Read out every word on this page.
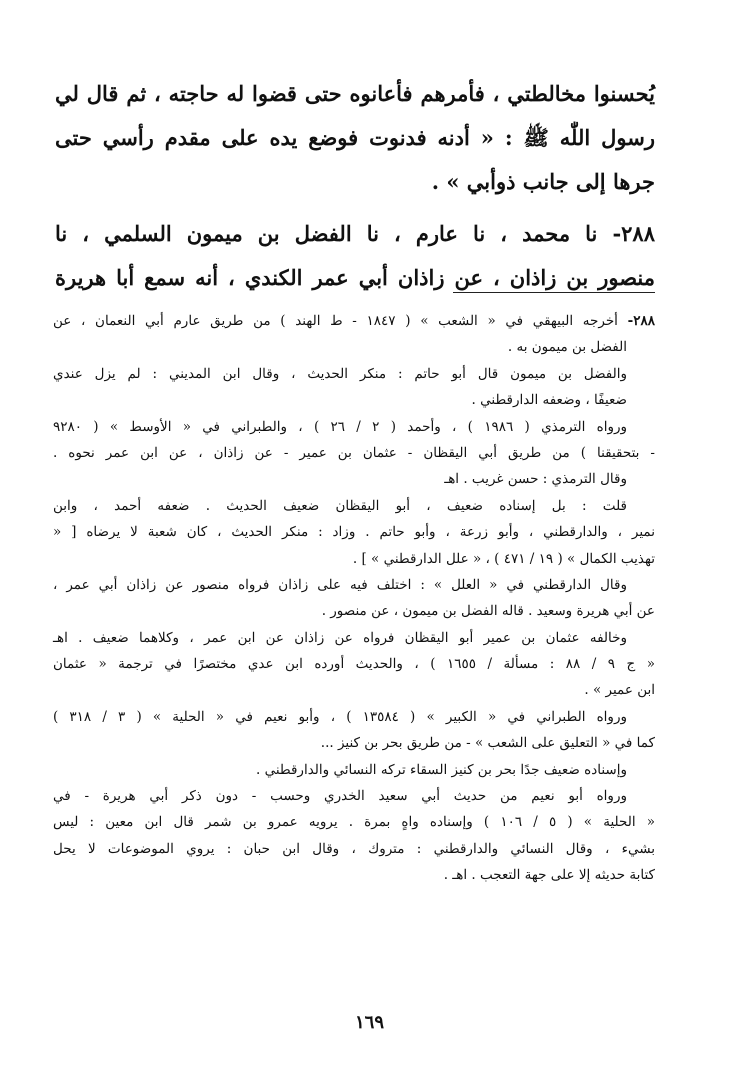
يُحسنوا مخالطتي ، فأمرهم فأعانوه حتى قضوا له حاجته ، ثم قال لي
رسول اللّٰه ﷺ : « أدنه فدنوت فوضع يده على مقدم رأسي حتى
جرها إلى جانب ذوأبي » .
٢٨٨- نا محمد ، نا عارم ، نا الفضل بن ميمون السلمي ، نا
منصور بن زاذان ، عن زاذان أبي عمر الكندي ، أنه سمع أبا هريرة
٢٨٨- أخرجه البيهقي في « الشعب » ( ١٨٤٧ - ط الهند ) من طريق عارم أبي النعمان ، عن
الفضل بن ميمون به .
والفضل بن ميمون قال أبو حاتم : منكر الحديث ، وقال ابن المديني : لم يزل عندي
ضعيفًا ، وضعفه الدارقطني .
ورواه الترمذي ( ١٩٨٦ ) ، وأحمد ( ٢ / ٢٦ ) ، والطبراني في « الأوسط » ( ٩٢٨٠
- بتحقيقنا ) من طريق أبي اليقظان - عثمان بن عمير - عن زاذان ، عن ابن عمر نحوه .
وقال الترمذي : حسن غريب . اهـ
قلت : بل إسناده ضعيف ، أبو اليقظان ضعيف الحديث . ضعفه أحمد ، وابن
نمير ، والدارقطني ، وأبو زرعة ، وأبو حاتم . وزاد : منكر الحديث ، كان شعبة لا يرضاه [ «
تهذيب الكمال » ( ١٩ / ٤٧١ ) ، « علل الدارقطني » ] .
وقال الدارقطني في « العلل » : اختلف فيه على زاذان فرواه منصور عن زاذان أبي عمر ،
عن أبي هريرة وسعيد . قاله الفضل بن ميمون ، عن منصور .
وخالفه عثمان بن عمير أبو اليقظان فرواه عن زاذان عن ابن عمر ، وكلاهما ضعيف . اهـ
« ج ٩ / ٨٨ : مسألة / ١٦٥٥ ) ، والحديث أورده ابن عدي مختصرًا في ترجمة « عثمان
ابن عمير » .
ورواه الطبراني في « الكبير » ( ١٣٥٨٤ ) ، وأبو نعيم في « الحلية » ( ٣ / ٣١٨ )
كما في « التعليق على الشعب » - من طريق بحر بن كنيز ...
وإسناده ضعيف جدًا بحر بن كنيز السقاء تركه النسائي والدارقطني .
ورواه أبو نعيم من حديث أبي سعيد الخدري وحسب - دون ذكر أبي هريرة - في
« الحلية » ( ٥ / ١٠٦ ) وإسناده واهٍ بمرة . يرويه عمرو بن شمر قال ابن معين : ليس
بشيء ، وقال النسائي والدارقطني : متروك ، وقال ابن حبان : يروي الموضوعات لا يحل
كتابة حديثه إلا على جهة التعجب . اهـ .
١٦٩
